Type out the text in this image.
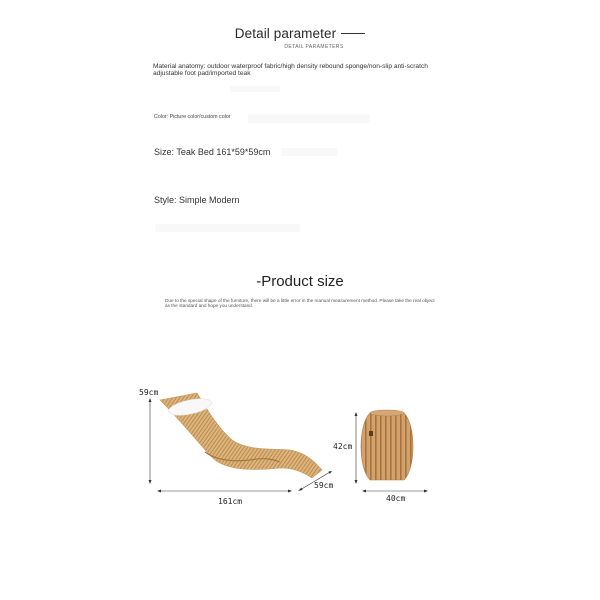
Detail parameter
DETAIL PARAMETERS
Material anatomy: outdoor waterproof fabric/high density rebound sponge/non-slip anti-scratch adjustable foot pad/imported teak
Color: Picture color/custom color
Size: Teak Bed 161*59*59cm
Style: Simple Modern
-Product size
Due to the special shape of the furniture, there will be a little error in the manual measurement method. Please take the real object as the standard and hope you understand.
59cm
161cm
59cm
42cm
40cm
